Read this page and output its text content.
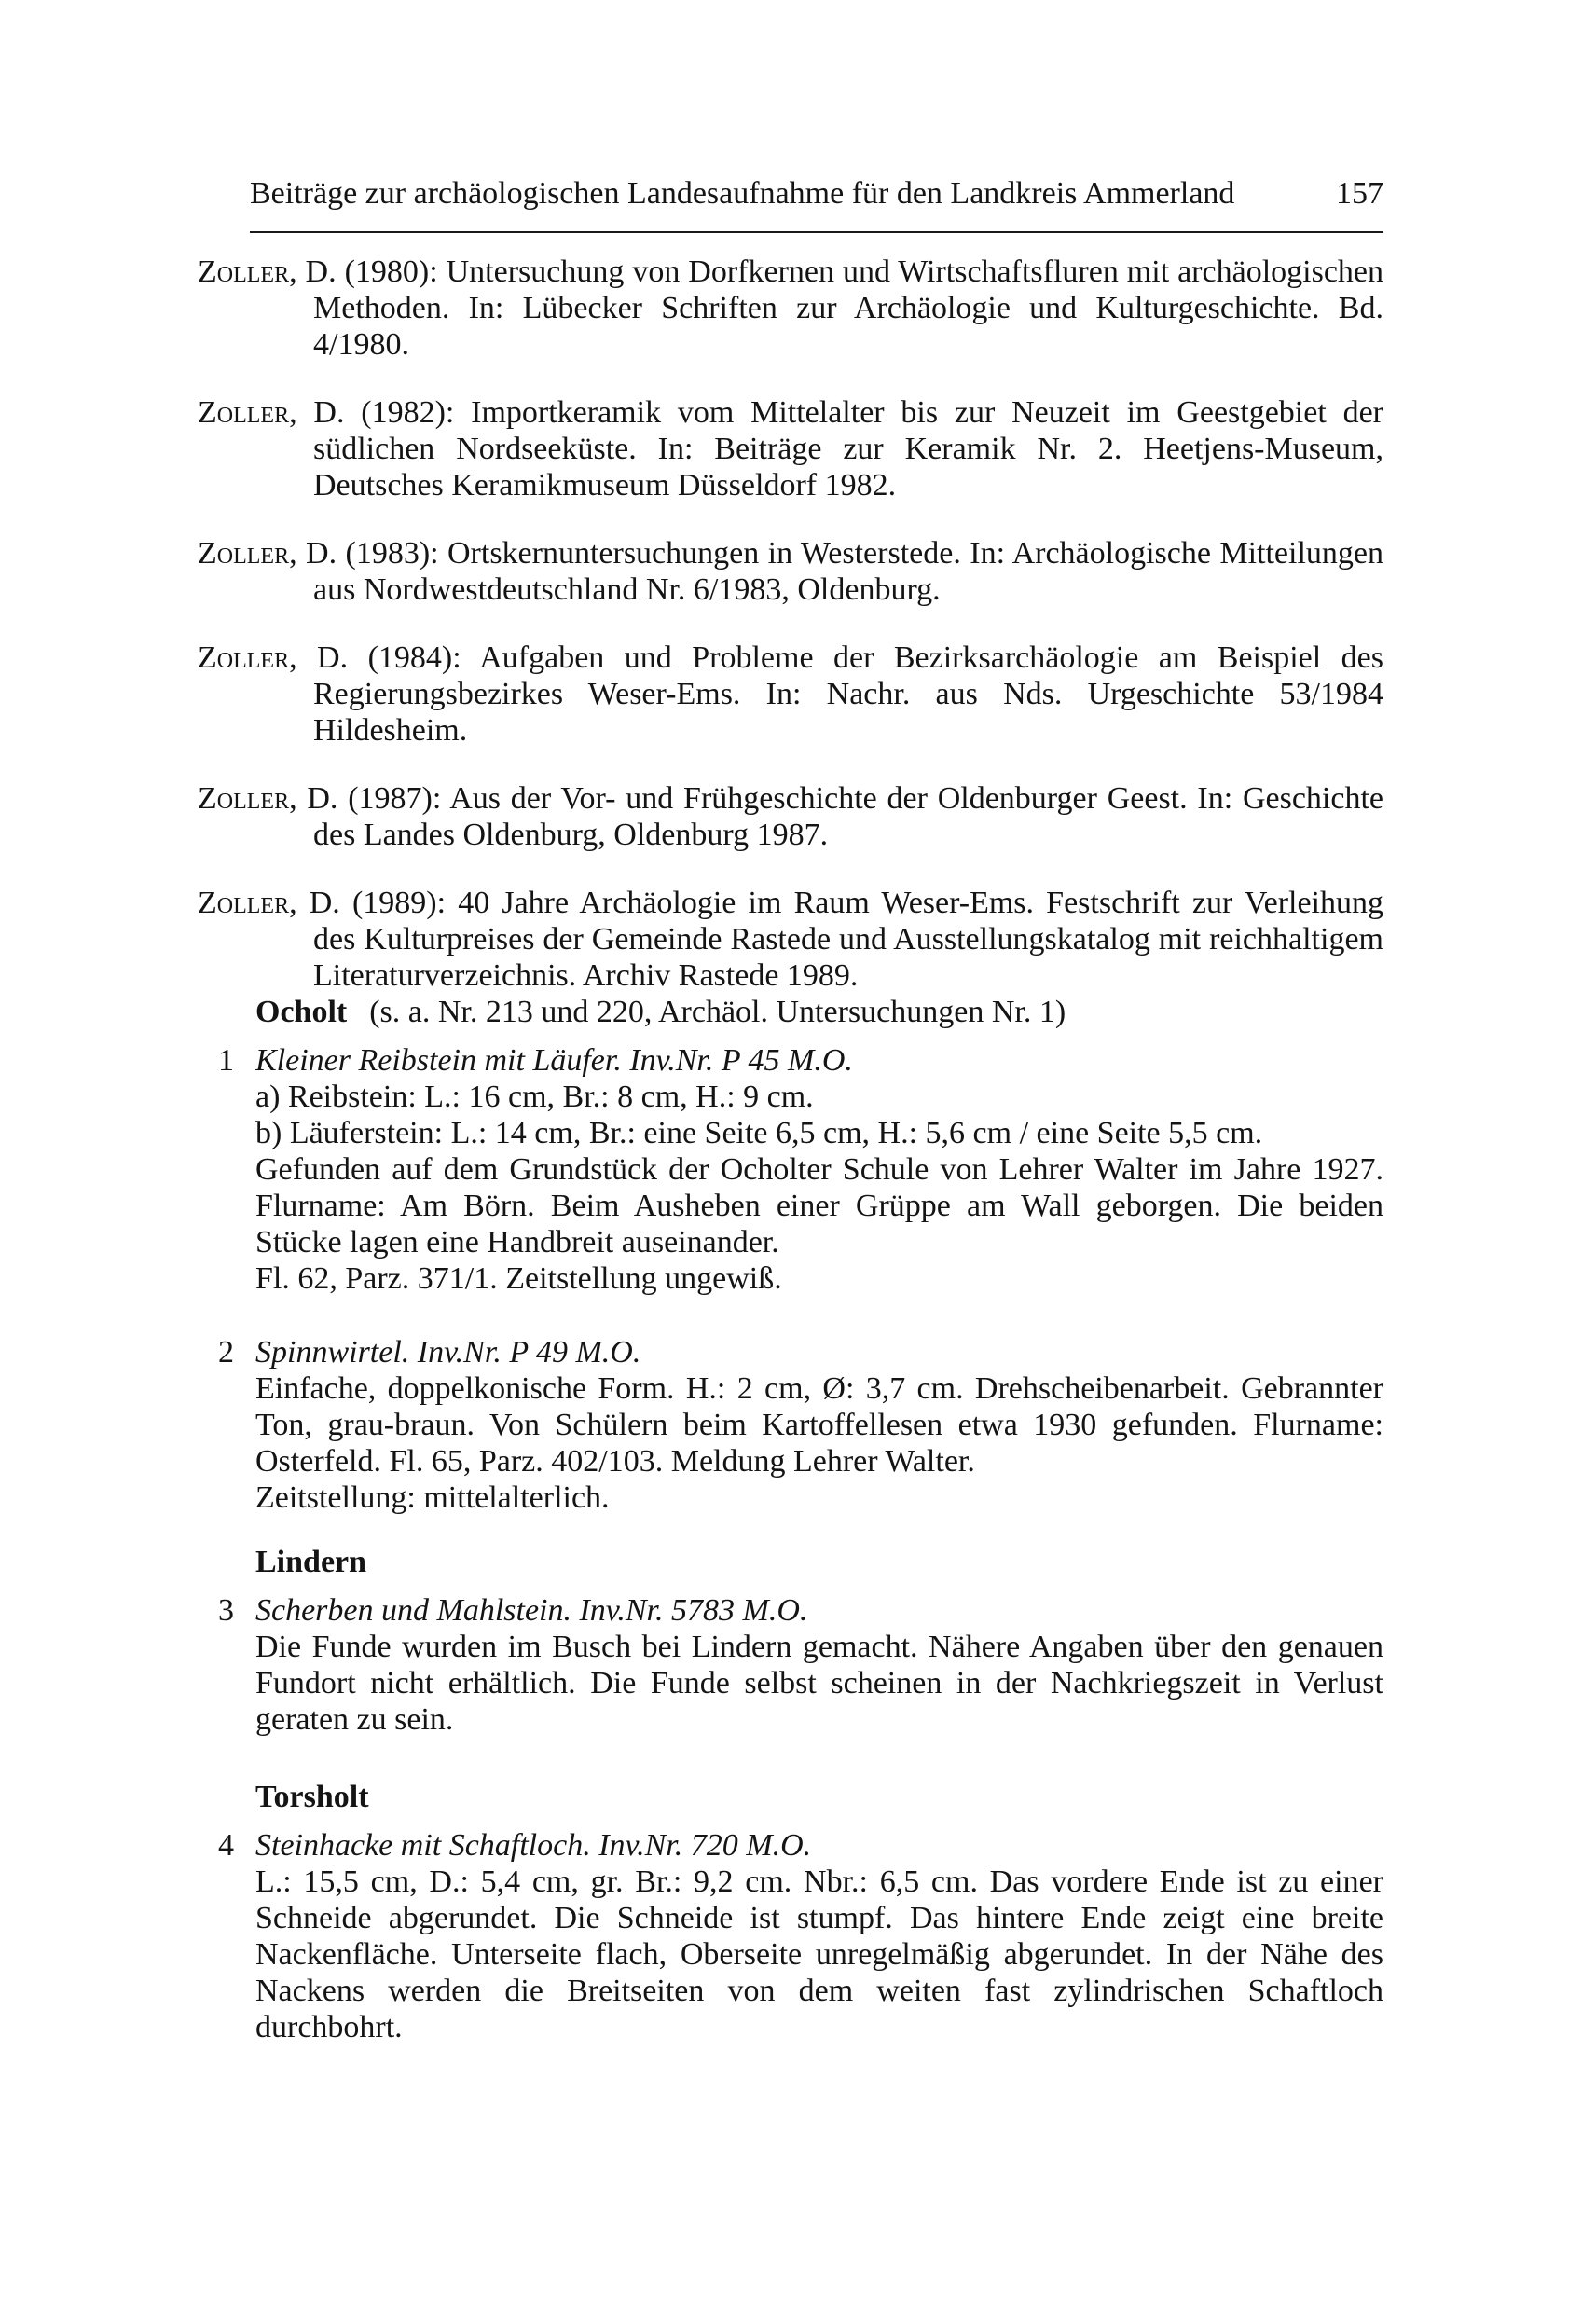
Beiträge zur archäologischen Landesaufnahme für den Landkreis Ammerland	157

Zoller, D. (1980): Untersuchung von Dorfkernen und Wirtschaftsfluren mit archäologischen Methoden. In: Lübecker Schriften zur Archäologie und Kulturgeschichte. Bd. 4/1980.

Zoller, D. (1982): Importkeramik vom Mittelalter bis zur Neuzeit im Geestgebiet der südlichen Nordseeküste. In: Beiträge zur Keramik Nr. 2. Heetjens-Museum, Deutsches Keramikmuseum Düsseldorf 1982.

Zoller, D. (1983): Ortskernuntersuchungen in Westerstede. In: Archäologische Mitteilungen aus Nordwestdeutschland Nr. 6/1983, Oldenburg.

Zoller, D. (1984): Aufgaben und Probleme der Bezirksarchäologie am Beispiel des Regierungsbezirkes Weser-Ems. In: Nachr. aus Nds. Urgeschichte 53/1984 Hildesheim.

Zoller, D. (1987): Aus der Vor- und Frühgeschichte der Oldenburger Geest. In: Geschichte des Landes Oldenburg, Oldenburg 1987.

Zoller, D. (1989): 40 Jahre Archäologie im Raum Weser-Ems. Festschrift zur Verleihung des Kulturpreises der Gemeinde Rastede und Ausstellungskatalog mit reichhaltigem Literaturverzeichnis. Archiv Rastede 1989.

Ocholt (s. a. Nr. 213 und 220, Archäol. Untersuchungen Nr. 1)
1 Kleiner Reibstein mit Läufer. Inv.Nr. P 45 M.O.
a) Reibstein: L.: 16 cm, Br.: 8 cm, H.: 9 cm.
b) Läuferstein: L.: 14 cm, Br.: eine Seite 6,5 cm, H.: 5,6 cm / eine Seite 5,5 cm.
Gefunden auf dem Grundstück der Ocholter Schule von Lehrer Walter im Jahre 1927. Flurname: Am Börn. Beim Ausheben einer Grüppe am Wall geborgen. Die beiden Stücke lagen eine Handbreit auseinander.
Fl. 62, Parz. 371/1. Zeitstellung ungewiß.
2 Spinnwirtel. Inv.Nr. P 49 M.O.
Einfache, doppelkonische Form. H.: 2 cm, Ø: 3,7 cm. Drehscheibenarbeit. Gebrannter Ton, grau-braun. Von Schülern beim Kartoffellesen etwa 1930 gefunden. Flurname: Osterfeld. Fl. 65, Parz. 402/103. Meldung Lehrer Walter.
Zeitstellung: mittelalterlich.
Lindern
3 Scherben und Mahlstein. Inv.Nr. 5783 M.O.
Die Funde wurden im Busch bei Lindern gemacht. Nähere Angaben über den genauen Fundort nicht erhältlich. Die Funde selbst scheinen in der Nachkriegszeit in Verlust geraten zu sein.
Torsholt
4 Steinhacke mit Schaftloch. Inv.Nr. 720 M.O.
L.: 15,5 cm, D.: 5,4 cm, gr. Br.: 9,2 cm. Nbr.: 6,5 cm. Das vordere Ende ist zu einer Schneide abgerundet. Die Schneide ist stumpf. Das hintere Ende zeigt eine breite Nackenfläche. Unterseite flach, Oberseite unregelmäßig abgerundet. In der Nähe des Nackens werden die Breitseiten von dem weiten fast zylindrischen Schaftloch durchbohrt.
